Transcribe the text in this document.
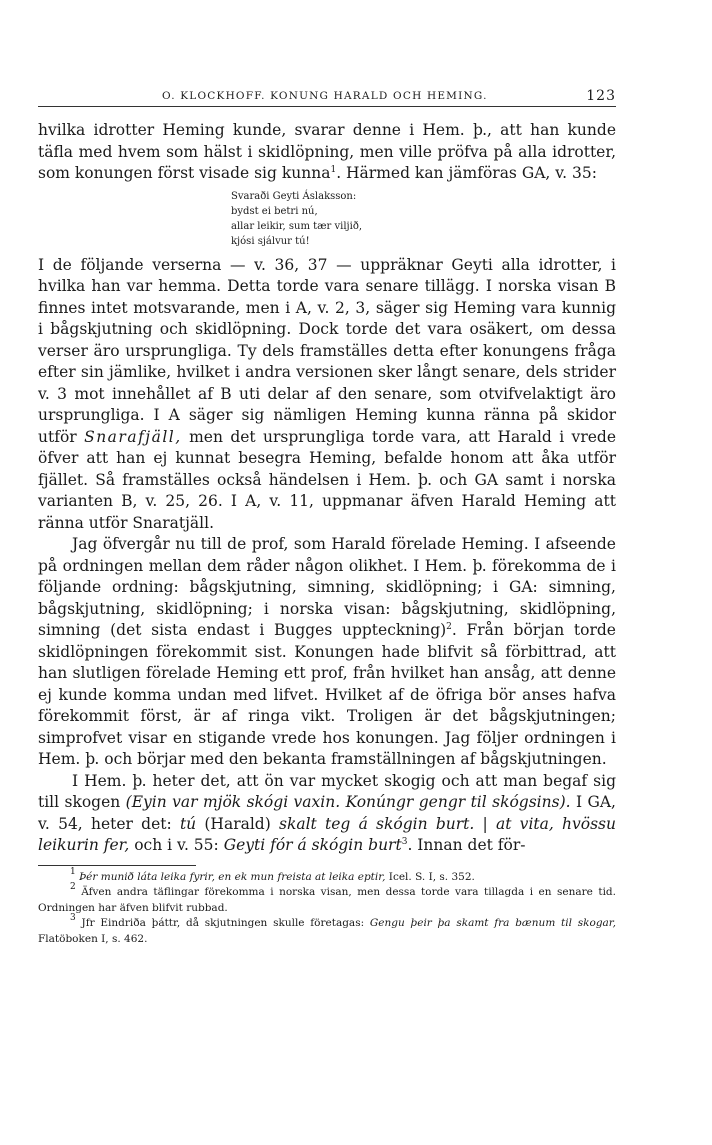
O. KLOCKHOFF. KONUNG HARALD OCH HEMING.	123

hvilka idrotter Heming kunde, svarar denne i Hem. þ., att han kunde täfla med hvem som hälst i skidlöpning, men ville pröfva på alla idrotter, som konungen först visade sig kunna$^1$. Härmed kan jämföras GA, v. 35:

Svaraði Geyti Áslaksson:
bydst ei betri nú,
allar leikir, sum tær viljið,
kjósi sjálvur tú!

I de följande verserna — v. 36, 37 — uppräknar Geyti alla idrotter, i hvilka han var hemma. Detta torde vara senare tillägg. I norska visan B finnes intet motsvarande, men i A, v. 2, 3, säger sig Heming vara kunnig i bågskjutning och skidlöpning. Dock torde det vara osäkert, om dessa verser äro ursprungliga. Ty dels framställes detta efter konungens fråga efter sin jämlike, hvilket i andra versionen sker långt senare, dels strider v. 3 mot innehållet af B uti delar af den senare, som otvifvelaktigt äro ursprungliga. I A säger sig nämligen Heming kunna ränna på skidor utför Snarafjäll, men det ursprungliga torde vara, att Harald i vrede öfver att han ej kunnat besegra Heming, befalde honom att åka utför fjället. Så framställes också händelsen i Hem. þ. och GA samt i norska varianten B, v. 25, 26. I A, v. 11, uppmanar äfven Harald Heming att ränna utför Snaratjäll.

Jag öfvergår nu till de prof, som Harald förelade Heming. I afseende på ordningen mellan dem råder någon olikhet. I Hem. þ. förekomma de i följande ordning: bågskjutning, simning, skidlöpning; i GA: simning, bågskjutning, skidlöpning; i norska visan: bågskjutning, skidlöpning, simning (det sista endast i Bugges uppteckning)$^2$. Från början torde skidlöpningen förekommit sist. Konungen hade blifvit så förbittrad, att han slutligen förelade Heming ett prof, från hvilket han ansåg, att denne ej kunde komma undan med lifvet. Hvilket af de öfriga bör anses hafva förekommit först, är af ringa vikt. Troligen är det bågskjutningen; simprofvet visar en stigande vrede hos konungen. Jag följer ordningen i Hem. þ. och börjar med den bekanta framställningen af bågskjutningen.

I Hem. þ. heter det, att ön var mycket skogig och att man begaf sig till skogen (Eyin var mjök skógi vaxin. Konúngr gengr til skógsins). I GA, v. 54, heter det: tú (Harald) skalt teg á skógin burt. | at vita, hvössu leikurin fer, och i v. 55: Geyti fór á skógin burt$^3$. Innan det för-

$^1$ Þér munið láta leika fyrir, en ek mun freista at leika eptir, Icel. S. I, s. 352.

$^2$ Äfven andra täflingar förekomma i norska visan, men dessa torde vara tillagda i en senare tid. Ordningen har äfven blifvit rubbad.

$^3$ Jfr Eindriða þáttr, då skjutningen skulle företagas: Gengu þeir þa skamt fra bænum til skogar, Flatöboken I, s. 462.
